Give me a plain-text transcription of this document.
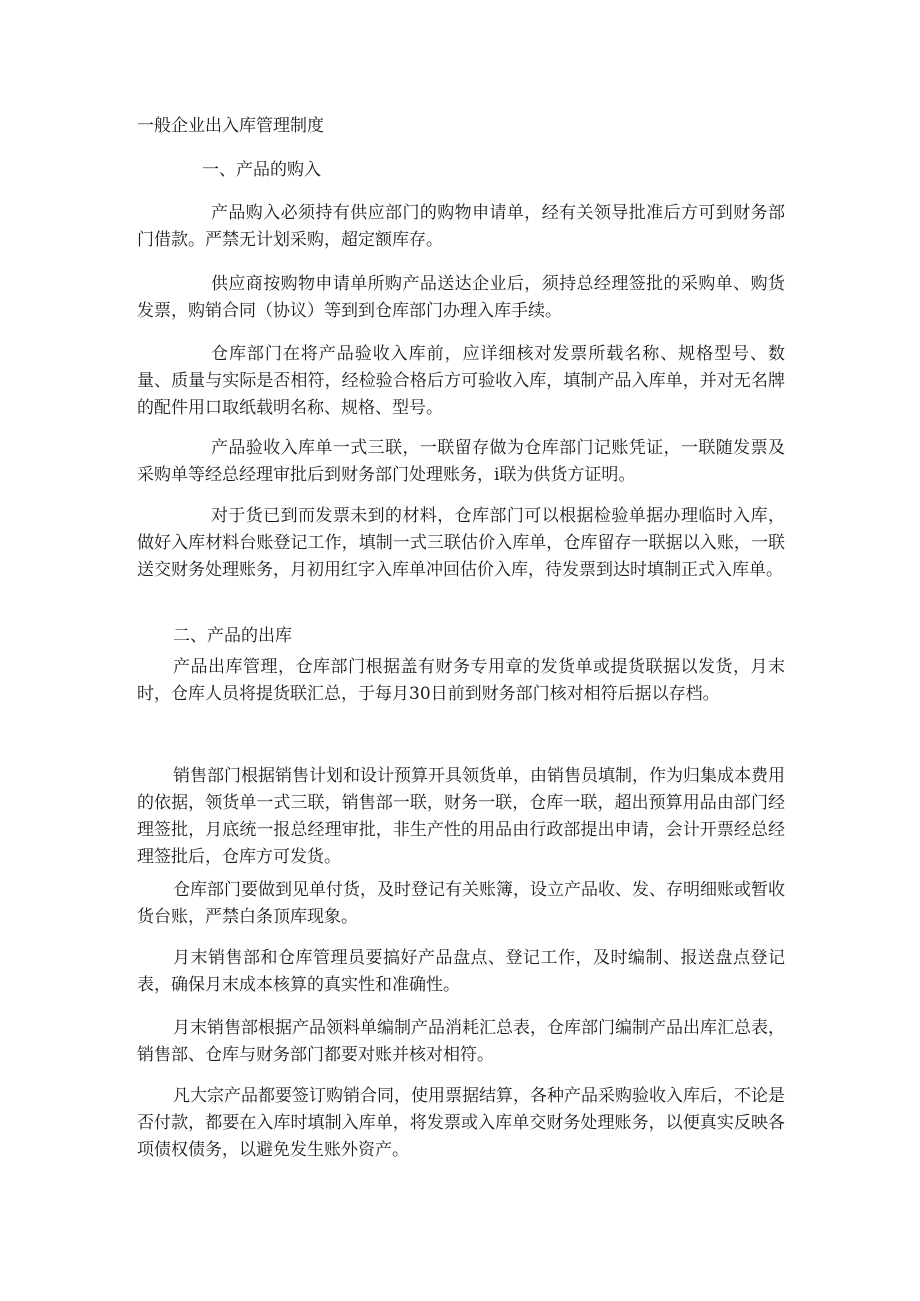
一般企业出入库管理制度
一、产品的购入

产品购入必须持有供应部门的购物申请单，经有关领导批准后方可到财务部门借款。严禁无计划采购，超定额库存。

供应商按购物申请单所购产品送达企业后，须持总经理签批的采购单、购货发票，购销合同（协议）等到到仓库部门办理入库手续。

仓库部门在将产品验收入库前，应详细核对发票所载名称、规格型号、数量、质量与实际是否相符，经检验合格后方可验收入库，填制产品入库单，并对无名牌的配件用口取纸载明名称、规格、型号。

产品验收入库单一式三联，一联留存做为仓库部门记账凭证，一联随发票及采购单等经总经理审批后到财务部门处理账务，i联为供货方证明。

对于货已到而发票未到的材料，仓库部门可以根据检验单据办理临时入库，做好入库材料台账登记工作，填制一式三联估价入库单，仓库留存一联据以入账，一联送交财务处理账务，月初用红字入库单冲回估价入库，待发票到达时填制正式入库单。

二、产品的出库

产品出库管理，仓库部门根据盖有财务专用章的发货单或提货联据以发货，月末时，仓库人员将提货联汇总，于每月30日前到财务部门核对相符后据以存档。

销售部门根据销售计划和设计预算开具领货单，由销售员填制，作为归集成本费用的依据，领货单一式三联，销售部一联，财务一联，仓库一联，超出预算用品由部门经理签批，月底统一报总经理审批，非生产性的用品由行政部提出申请，会计开票经总经理签批后，仓库方可发货。

仓库部门要做到见单付货，及时登记有关账簿，设立产品收、发、存明细账或暂收货台账，严禁白条顶库现象。

月末销售部和仓库管理员要搞好产品盘点、登记工作，及时编制、报送盘点登记表，确保月末成本核算的真实性和准确性。

月末销售部根据产品领料单编制产品消耗汇总表，仓库部门编制产品出库汇总表，销售部、仓库与财务部门都要对账并核对相符。

凡大宗产品都要签订购销合同，使用票据结算，各种产品采购验收入库后，不论是否付款，都要在入库时填制入库单，将发票或入库单交财务处理账务，以便真实反映各项债权债务，以避免发生账外资产。
